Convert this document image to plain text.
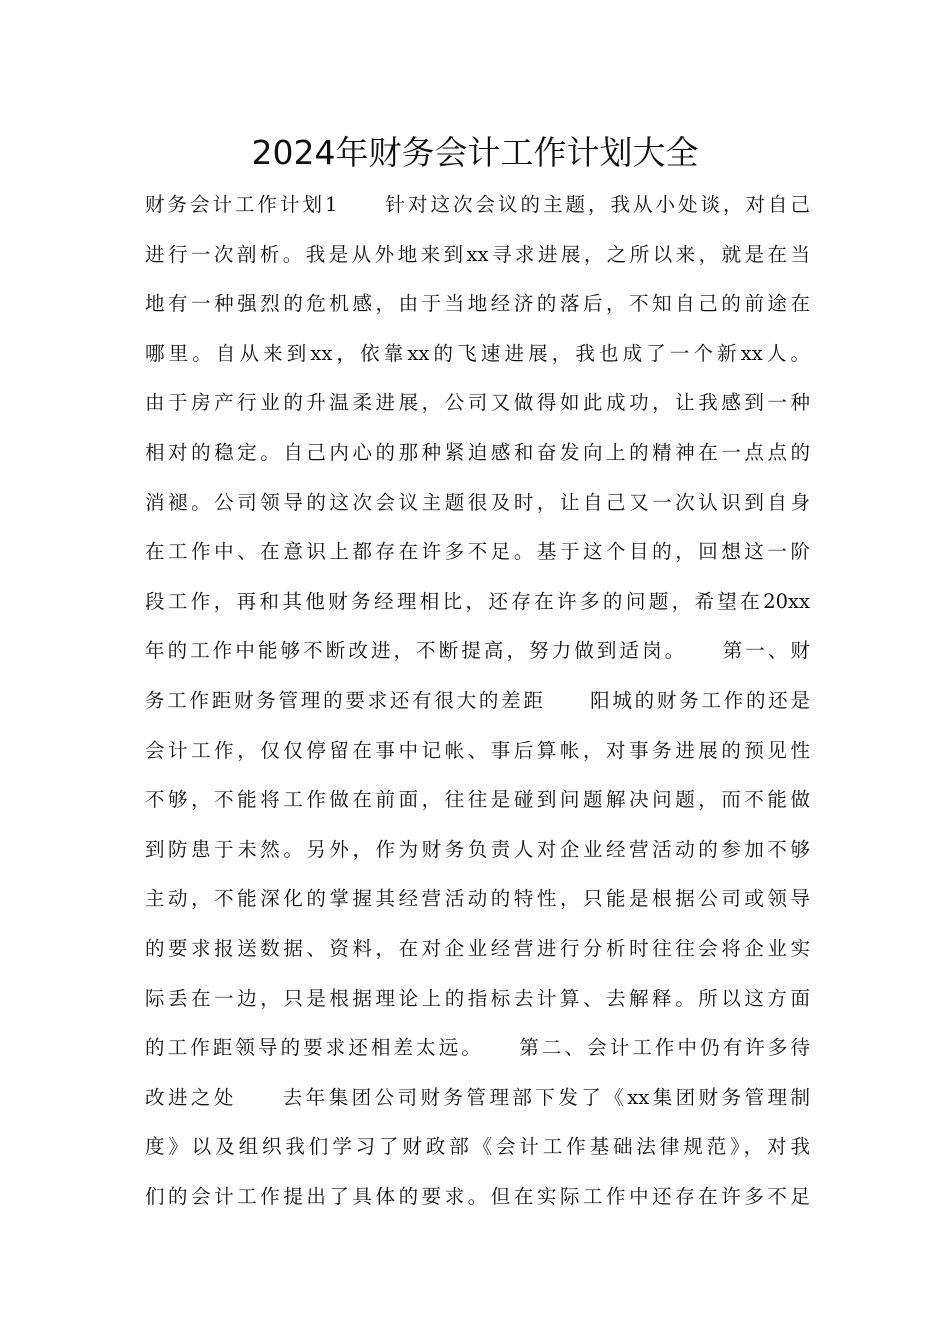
2024年财务会计工作计划大全
财务会计工作计划1　　针对这次会议的主题，我从小处谈，对自己
进行一次剖析。我是从外地来到xx寻求进展，之所以来，就是在当
地有一种强烈的危机感，由于当地经济的落后，不知自己的前途在
哪里。自从来到xx，依靠xx的飞速进展，我也成了一个新xx人。
由于房产行业的升温柔进展，公司又做得如此成功，让我感到一种
相对的稳定。自己内心的那种紧迫感和奋发向上的精神在一点点的
消褪。公司领导的这次会议主题很及时，让自己又一次认识到自身
在工作中、在意识上都存在许多不足。基于这个目的，回想这一阶
段工作，再和其他财务经理相比，还存在许多的问题，希望在20xx
年的工作中能够不断改进，不断提高，努力做到适岗。　　第一、财
务工作距财务管理的要求还有很大的差距　　阳城的财务工作的还是
会计工作，仅仅停留在事中记帐、事后算帐，对事务进展的预见性
不够，不能将工作做在前面，往往是碰到问题解决问题，而不能做
到防患于未然。另外，作为财务负责人对企业经营活动的参加不够
主动，不能深化的掌握其经营活动的特性，只能是根据公司或领导
的要求报送数据、资料，在对企业经营进行分析时往往会将企业实
际丢在一边，只是根据理论上的指标去计算、去解释。所以这方面
的工作距领导的要求还相差太远。　　第二、会计工作中仍有许多待
改进之处　　去年集团公司财务管理部下发了《xx集团财务管理制
度》以及组织我们学习了财政部《会计工作基础法律规范》，对我
们的会计工作提出了具体的要求。但在实际工作中还存在许多不足
